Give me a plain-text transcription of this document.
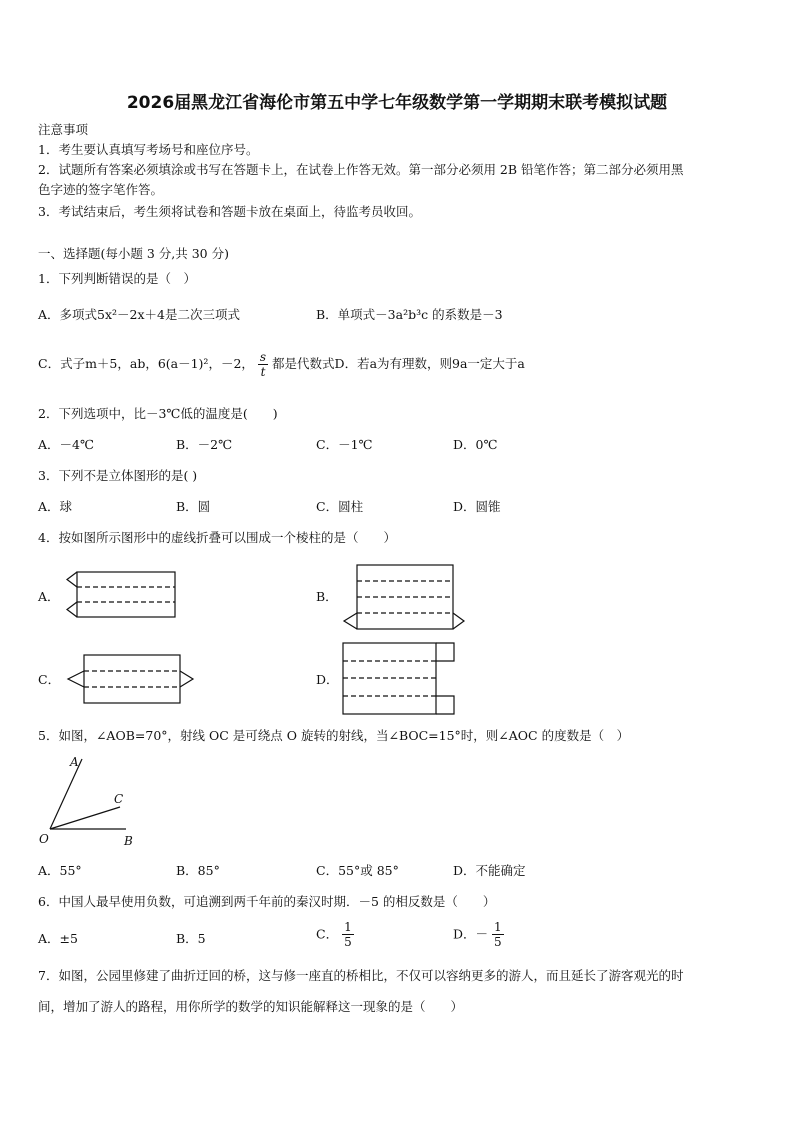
2026届黑龙江省海伦市第五中学七年级数学第一学期期末联考模拟试题
注意事项
1．考生要认真填写考场号和座位序号。
2．试题所有答案必须填涂或书写在答题卡上，在试卷上作答无效。第一部分必须用 2B 铅笔作答；第二部分必须用黑
色字迹的签字笔作答。
3．考试结束后，考生须将试卷和答题卡放在桌面上，待监考员收回。
一、选择题(每小题 3 分,共 30 分)
1．下列判断错误的是（　）
A．多项式5x²－2x＋4是二次三项式	B．单项式－3a²b³c 的系数是－3
C．式子m＋5，ab，6(a－1)²，－2， $\frac{s}{t}$ 都是代数式D．若a为有理数，则9a一定大于a
2．下列选项中，比－3℃低的温度是(　　)
A．－4℃	B．－2℃	C．－1℃	D．0℃
3．下列不是立体图形的是( )
A．球	B．圆	C．圆柱	D．圆锥
4．按如图所示图形中的虚线折叠可以围成一个棱柱的是（　　）
A．	B．
C．	D．
5．如图，∠AOB=70°，射线 OC 是可绕点 O 旋转的射线，当∠BOC=15°时，则∠AOC 的度数是（　）
A
C
O	B
A．55°	B．85°	C．55°或 85°	D．不能确定
6．中国人最早使用负数，可追溯到两千年前的秦汉时期．－5 的相反数是（　　）
A．±5	B．5	C． $\frac{1}{5}$	D．－ $\frac{1}{5}$
7．如图，公园里修建了曲折迂回的桥，这与修一座直的桥相比，不仅可以容纳更多的游人，而且延长了游客观光的时
间，增加了游人的路程，用你所学的数学的知识能解释这一现象的是（　　）
